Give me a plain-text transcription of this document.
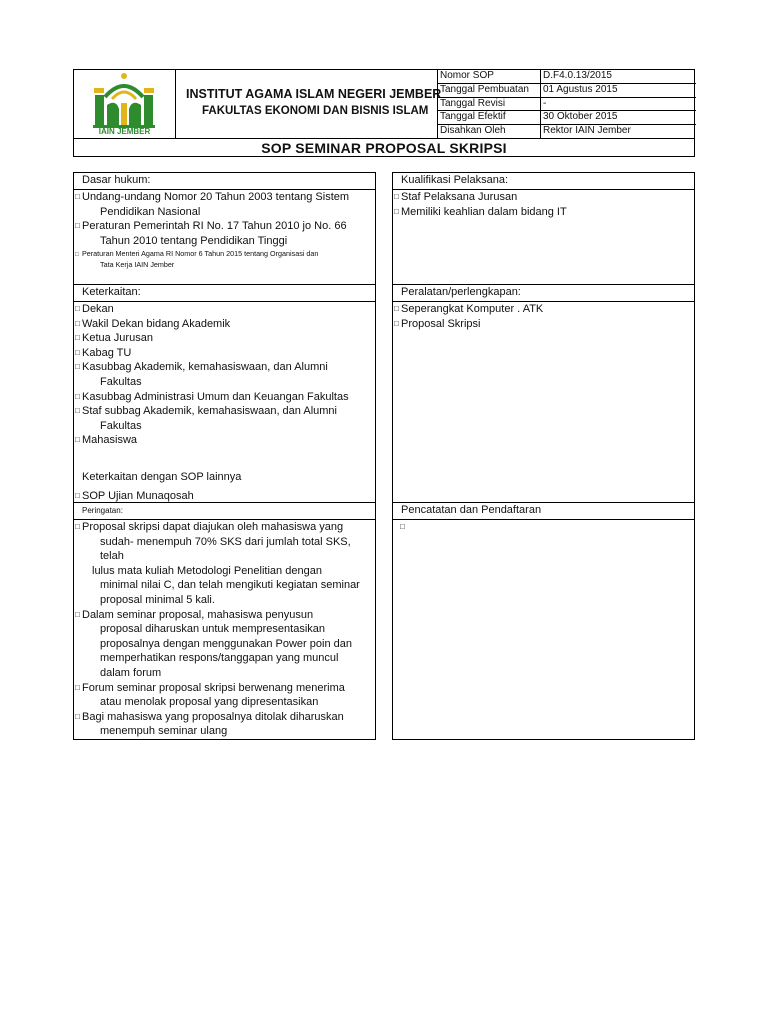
IAIN JEMBER
INSTITUT AGAMA ISLAM NEGERI JEMBER
FAKULTAS EKONOMI DAN BISNIS ISLAM
Nomor SOP	D.F4.0.13/2015
Tanggal Pembuatan	01 Agustus 2015
Tanggal Revisi	-
Tanggal Efektif	30 Oktober 2015
Disahkan Oleh	Rektor IAIN Jember
SOP SEMINAR PROPOSAL SKRIPSI
Dasar hukum:
□ Undang-undang Nomor 20 Tahun 2003 tentang Sistem
Pendidikan Nasional
□ Peraturan Pemerintah RI No. 17 Tahun 2010 jo No. 66
Tahun 2010 tentang Pendidikan Tinggi
□ Peraturan Menteri Agama RI Nomor 6 Tahun 2015 tentang Organisasi dan
Tata Kerja IAIN Jember
Kualifikasi Pelaksana:
□ Staf Pelaksana Jurusan
□ Memiliki keahlian dalam bidang IT
Keterkaitan:
□ Dekan
□ Wakil Dekan bidang Akademik
□ Ketua Jurusan
□ Kabag TU
□ Kasubbag Akademik, kemahasiswaan, dan Alumni
Fakultas
□ Kasubbag Administrasi Umum dan Keuangan Fakultas
□ Staf subbag Akademik, kemahasiswaan, dan Alumni
Fakultas
□ Mahasiswa
Keterkaitan dengan SOP lainnya
□ SOP Ujian Munaqosah
Peralatan/perlengkapan:
□ Seperangkat Komputer . ATK
□ Proposal Skripsi
Peringatan:
□ Proposal skripsi dapat diajukan oleh mahasiswa yang
sudah- menempuh 70% SKS dari jumlah total SKS, telah
lulus mata kuliah Metodologi Penelitian dengan
minimal nilai C, dan telah mengikuti kegiatan seminar
proposal minimal 5 kali.
□ Dalam seminar proposal, mahasiswa penyusun
proposal diharuskan untuk mempresentasikan
proposalnya dengan menggunakan Power poin dan
memperhatikan respons/tanggapan yang muncul
dalam forum
□ Forum seminar proposal skripsi berwenang menerima
atau menolak proposal yang dipresentasikan
□ Bagi mahasiswa yang proposalnya ditolak diharuskan
menempuh seminar ulang
Pencatatan dan Pendaftaran
□
